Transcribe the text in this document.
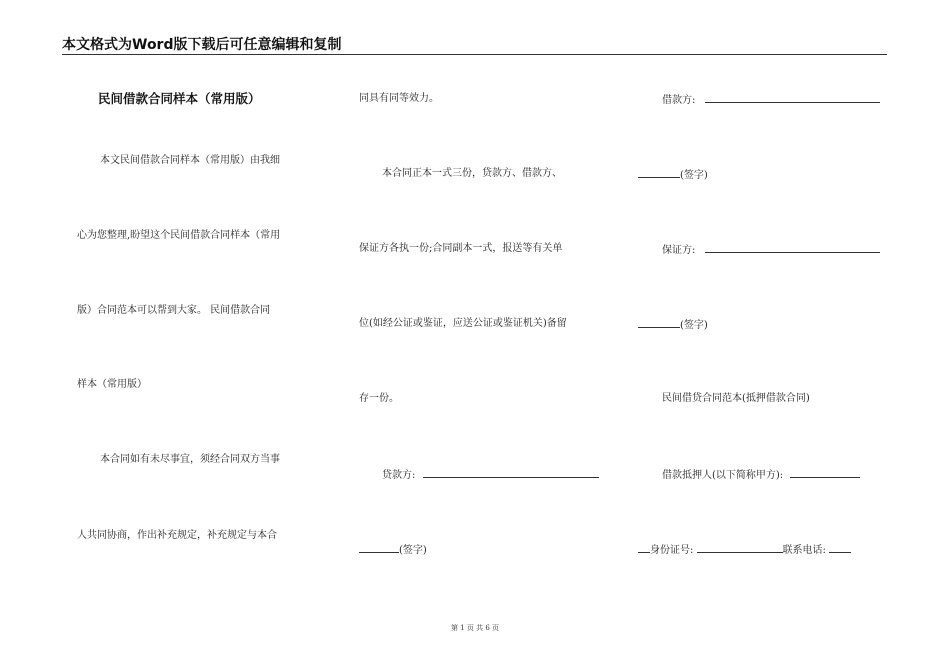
本文格式为Word版下载后可任意编辑和复制
民间借款合同样本（常用版）
本文民间借款合同样本（常用版）由我细
心为您整理,盼望这个民间借款合同样本（常用
版）合同范本可以帮到大家。 民间借款合同
样本（常用版）
本合同如有未尽事宜，须经合同双方当事
人共同协商，作出补充规定，补充规定与本合
同具有同等效力。
本合同正本一式三份，贷款方、借款方、
保证方各执一份;合同副本一式，报送等有关单
位(如经公证或鉴证，应送公证或鉴证机关)备留
存一份。
贷款方:
(签字)
借款方:
(签字)
保证方:
(签字)
民间借贷合同范本(抵押借款合同)
借款抵押人(以下简称甲方):
身份证号:	联系电话:
第 1 页 共 6 页
